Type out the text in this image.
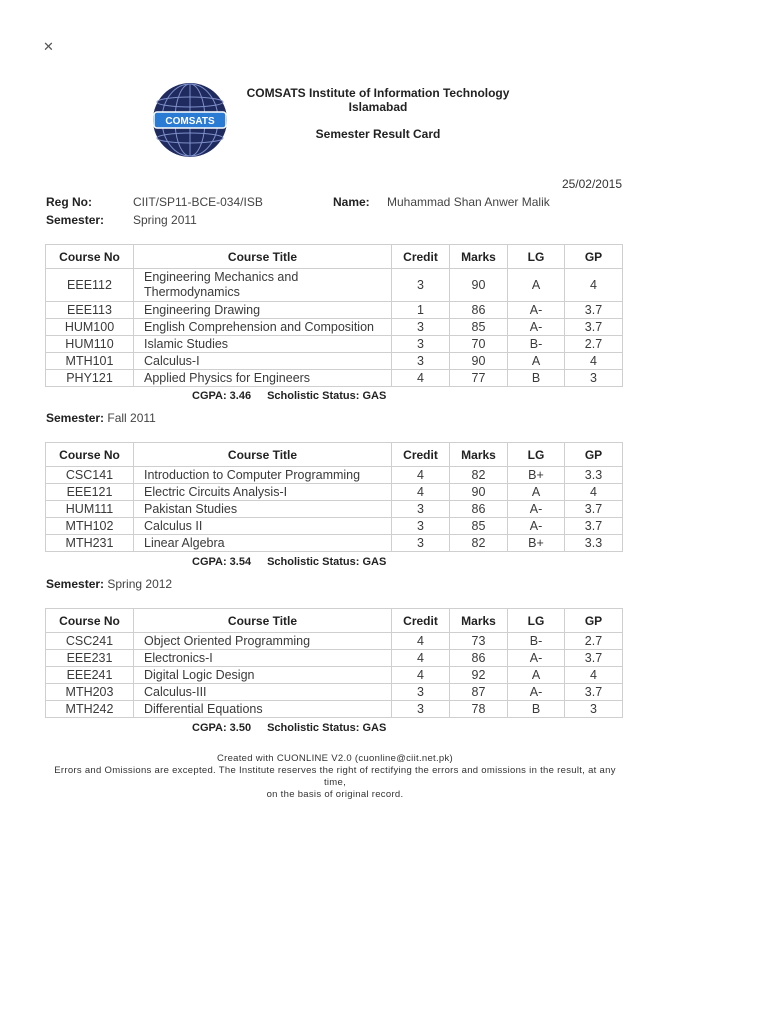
✕
COMSATS
COMSATS Institute of Information Technology
Islamabad
Semester Result Card
25/02/2015
Reg No:	CIIT/SP11-BCE-034/ISB	Name: Muhammad Shan Anwer Malik
Semester: Spring 2011
Course No	Course Title	Credit	Marks	LG	GP
EEE112	Engineering Mechanics and Thermodynamics	3	90	A	4
EEE113	Engineering Drawing	1	86	A-	3.7
HUM100	English Comprehension and Composition	3	85	A-	3.7
HUM110	Islamic Studies	3	70	B-	2.7
MTH101	Calculus-I	3	90	A	4
PHY121	Applied Physics for Engineers	4	77	B	3
CGPA: 3.46 Scholistic Status: GAS
Semester: Fall 2011
Course No	Course Title	Credit	Marks	LG	GP
CSC141	Introduction to Computer Programming	4	82	B+	3.3
EEE121	Electric Circuits Analysis-I	4	90	A	4
HUM111	Pakistan Studies	3	86	A-	3.7
MTH102	Calculus II	3	85	A-	3.7
MTH231	Linear Algebra	3	82	B+	3.3
CGPA: 3.54 Scholistic Status: GAS
Semester: Spring 2012
Course No	Course Title	Credit	Marks	LG	GP
CSC241	Object Oriented Programming	4	73	B-	2.7
EEE231	Electronics-I	4	86	A-	3.7
EEE241	Digital Logic Design	4	92	A	4
MTH203	Calculus-III	3	87	A-	3.7
MTH242	Differential Equations	3	78	B	3
CGPA: 3.50 Scholistic Status: GAS
Created with CUONLINE V2.0 (cuonline@ciit.net.pk)
Errors and Omissions are excepted. The Institute reserves the right of rectifying the errors and omissions in the result, at any time,
on the basis of original record.
